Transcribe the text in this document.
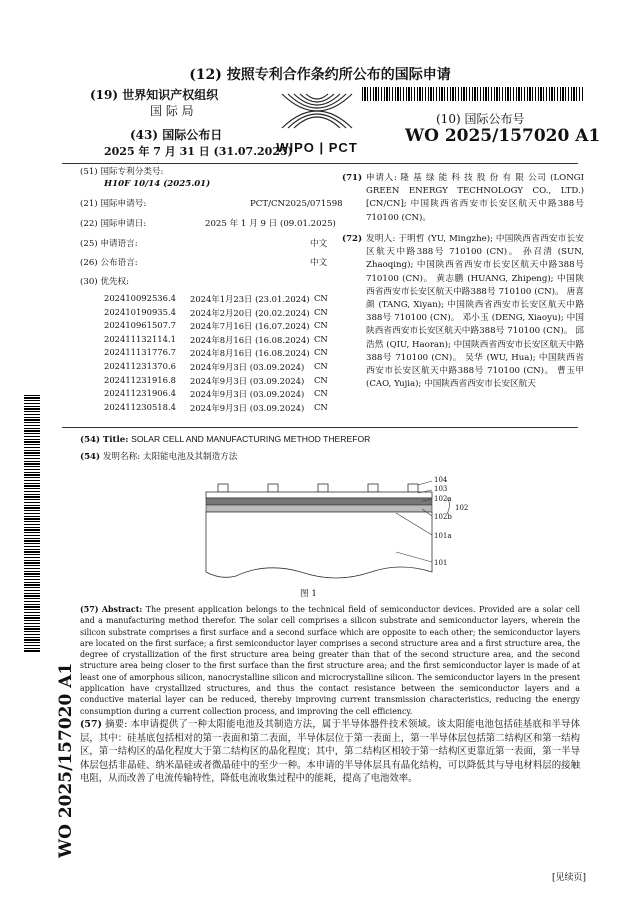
(12) 按照专利合作条约所公布的国际申请
(19) 世界知识产权组织
国 际 局
(43) 国际公布日
2025 年 7 月 31 日 (31.07.2025)
WIPO | PCT
(10) 国际公布号
WO 2025/157020 A1
(51) 国际专利分类号:
H10F 10/14 (2025.01)
(21) 国际申请号:	PCT/CN2025/071598
(22) 国际申请日:	2025 年 1 月 9 日 (09.01.2025)
(25) 申请语言:	中文
(26) 公布语言:	中文
(30) 优先权:
202410092536.4 2024年1月23日 (23.01.2024) CN
202410190935.4 2024年2月20日 (20.02.2024) CN
202410961507.7 2024年7月16日 (16.07.2024) CN
202411132114.1 2024年8月16日 (16.08.2024) CN
202411131776.7 2024年8月16日 (16.08.2024) CN
202411231370.6 2024年9月3日 (03.09.2024) CN
202411231916.8 2024年9月3日 (03.09.2024) CN
202411231906.4 2024年9月3日 (03.09.2024) CN
202411230518.4 2024年9月3日 (03.09.2024) CN
(71) 申请人: 隆 基 绿 能 科 技 股 份 有 限 公司 (LONGI GREEN ENERGY TECHNOLOGY CO., LTD.) [CN/CN]; 中国陕西省西安市长安区航天中路388号 710100 (CN)。

(72) 发明人: 于明哲 (YU, Mingzhe); 中国陕西省西安市长安区航天中路388号 710100 (CN)。 孙召清 (SUN, Zhaoqing); 中国陕西省西安市长安区航天中路388号 710100 (CN)。 黄志鹏 (HUANG, Zhipeng); 中国陕西省西安市长安区航天中路388号 710100 (CN)。 唐喜颜 (TANG, Xiyan); 中国陕西省西安市长安区航天中路388号 710100 (CN)。 邓小玉 (DENG, Xiaoyu); 中国陕西省西安市长安区航天中路388号 710100 (CN)。 邱浩然 (QIU, Haoran); 中国陕西省西安市长安区航天中路388号 710100 (CN)。 吴华 (WU, Hua); 中国陕西省西安市长安区航天中路388号 710100 (CN)。 曹玉甲 (CAO, Yujia); 中国陕西省西安市长安区航天

(54) Title: SOLAR CELL AND MANUFACTURING METHOD THEREFOR
(54) 发明名称: 太阳能电池及其制造方法
104
103
102a
102
102b
101a
101
图 1
(57) Abstract: The present application belongs to the technical field of semiconductor devices. Provided are a solar cell and a manufacturing method therefor. The solar cell comprises a silicon substrate and semiconductor layers, wherein the silicon substrate comprises a first surface and a second surface which are opposite to each other; the semiconductor layers are located on the first surface; a first semiconductor layer comprises a second structure area and a first structure area, the degree of crystallization of the first structure area being greater than that of the second structure area, and the second structure area being closer to the first surface than the first structure area; and the first semiconductor layer is made of at least one of amorphous silicon, nanocrystalline silicon and microcrystalline silicon. The semiconductor layers in the present application have crystallized structures, and thus the contact resistance between the semiconductor layers and a conductive material layer can be reduced, thereby improving current transmission characteristics, reducing the energy consumption during a current collection process, and improving the cell efficiency.
(57) 摘要: 本申请提供了一种太阳能电池及其制造方法，属于半导体器件技术领域。该太阳能电池包括硅基底和半导体层，其中：硅基底包括相对的第一表面和第二表面，半导体层位于第一表面上，第一半导体层包括第二结构区和第一结构区，第一结构区的晶化程度大于第二结构区的晶化程度；其中，第二结构区相较于第一结构区更靠近第一表面，第一半导体层包括非晶硅、纳米晶硅或者微晶硅中的至少一种。本申请的半导体层具有晶化结构，可以降低其与导电材料层的接触电阻，从而改善了电流传输特性，降低电流收集过程中的能耗，提高了电池效率。
WO 2025/157020 A1
[见续页]
